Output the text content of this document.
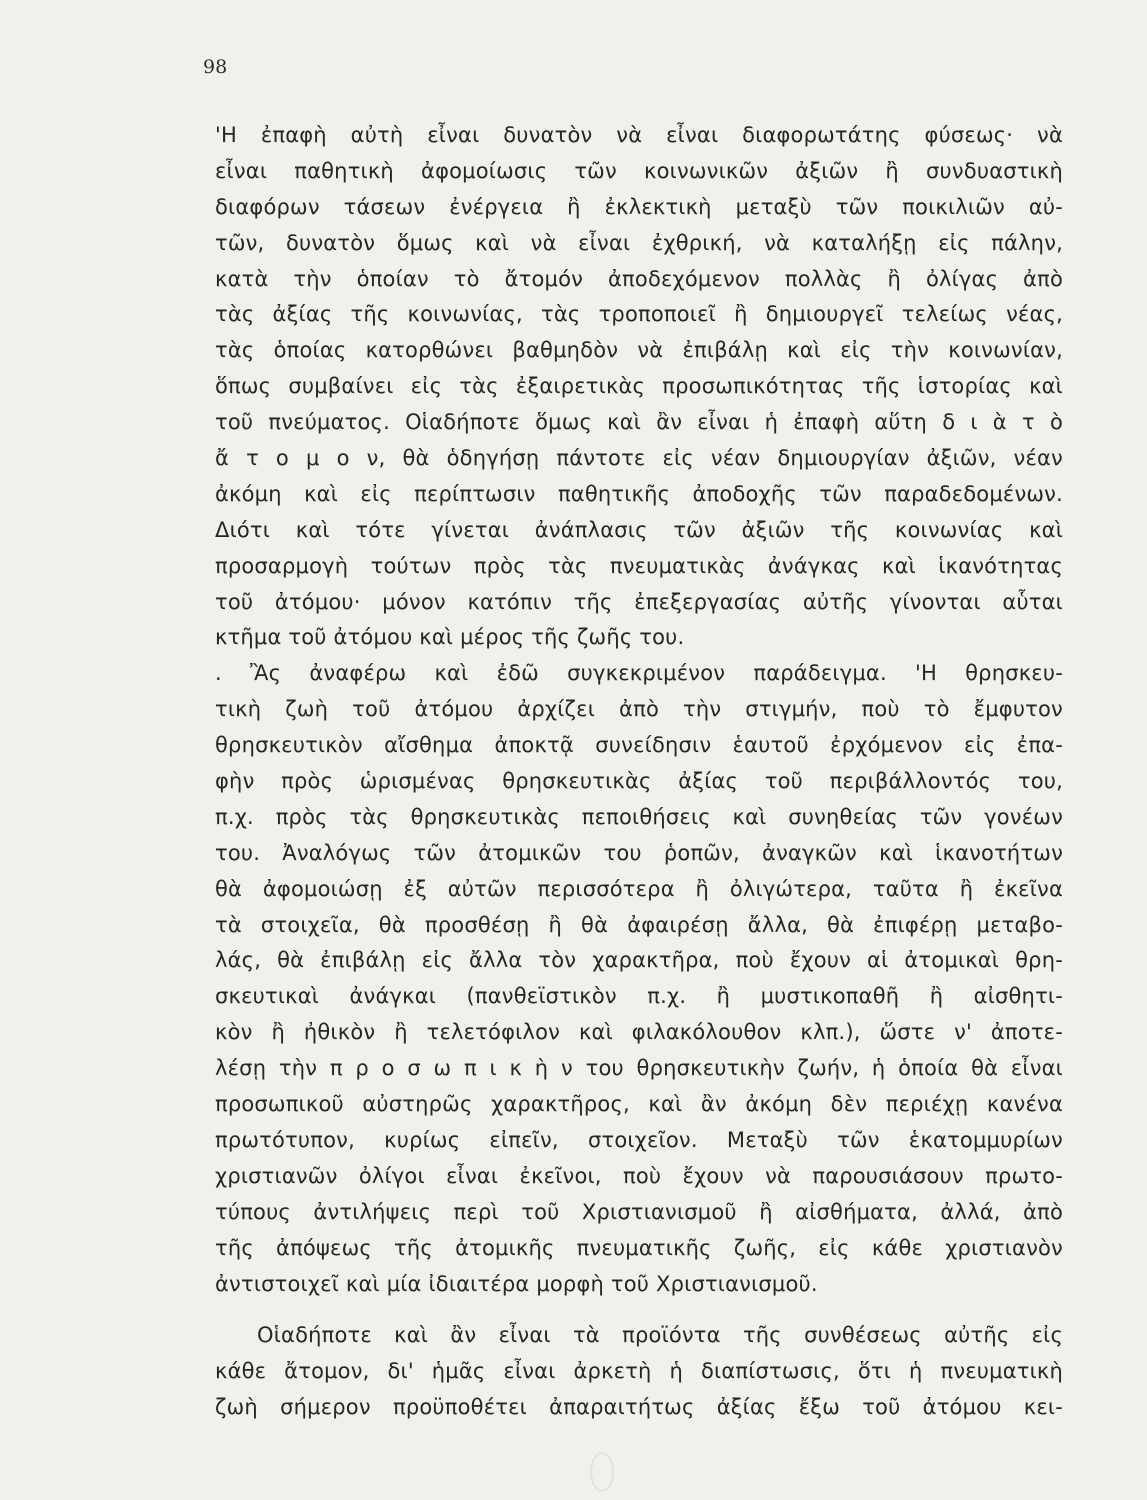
98
'Η ἐπαφὴ αὐτὴ εἶναι δυνατὸν νὰ εἶναι διαφορωτάτης φύσεως· νὰ
εἶναι παθητικὴ ἀφομοίωσις τῶν κοινωνικῶν ἀξιῶν ἢ συνδυαστικὴ
διαφόρων τάσεων ἐνέργεια ἢ ἐκλεκτικὴ μεταξὺ τῶν ποικιλιῶν αὐ-
τῶν, δυνατὸν ὅμως καὶ νὰ εἶναι ἐχθρική, νὰ καταλήξῃ εἰς πάλην,
κατὰ τὴν ὁποίαν τὸ ἄτομόν ἀποδεχόμενον πολλὰς ἢ ὀλίγας ἀπὸ
τὰς ἀξίας τῆς κοινωνίας, τὰς τροποποιεῖ ἢ δημιουργεῖ τελείως νέας,
τὰς ὁποίας κατορθώνει βαθμηδὸν νὰ ἐπιβάλῃ καὶ εἰς τὴν κοινωνίαν,
ὅπως συμβαίνει εἰς τὰς ἐξαιρετικὰς προσωπικότητας τῆς ἱστορίας καὶ
τοῦ πνεύματος. Οἱαδήποτε ὅμως καὶ ἂν εἶναι ἡ ἐπαφὴ αὕτη δ ι ὰ τ ὸ
ἄ τ ο μ ο ν, θὰ ὁδηγήσῃ πάντοτε εἰς νέαν δημιουργίαν ἀξιῶν, νέαν
ἀκόμη καὶ εἰς περίπτωσιν παθητικῆς ἀποδοχῆς τῶν παραδεδομένων.
Διότι καὶ τότε γίνεται ἀνάπλασις τῶν ἀξιῶν τῆς κοινωνίας καὶ
προσαρμογὴ τούτων πρὸς τὰς πνευματικὰς ἀνάγκας καὶ ἱκανότητας
τοῦ ἀτόμου· μόνον κατόπιν τῆς ἐπεξεργασίας αὐτῆς γίνονται αὗται
κτῆμα τοῦ ἀτόμου καὶ μέρος τῆς ζωῆς του.
. Ἂς ἀναφέρω καὶ ἐδῶ συγκεκριμένον παράδειγμα. 'Η θρησκευ-
τικὴ ζωὴ τοῦ ἀτόμου ἀρχίζει ἀπὸ τὴν στιγμήν, ποὺ τὸ ἔμφυτον
θρησκευτικὸν αἴσθημα ἀποκτᾷ συνείδησιν ἑαυτοῦ ἐρχόμενον εἰς ἐπα-
φὴν πρὸς ὡρισμένας θρησκευτικὰς ἀξίας τοῦ περιβάλλοντός του,
π.χ. πρὸς τὰς θρησκευτικὰς πεποιθήσεις καὶ συνηθείας τῶν γονέων
του. Ἀναλόγως τῶν ἀτομικῶν του ῥοπῶν, ἀναγκῶν καὶ ἱκανοτήτων
θὰ ἀφομοιώσῃ ἐξ αὐτῶν περισσότερα ἢ ὀλιγώτερα, ταῦτα ἢ ἐκεῖνα
τὰ στοιχεῖα, θὰ προσθέσῃ ἢ θὰ ἀφαιρέσῃ ἄλλα, θὰ ἐπιφέρῃ μεταβο-
λάς, θὰ ἐπιβάλῃ εἰς ἄλλα τὸν χαρακτῆρα, ποὺ ἔχουν αἱ ἀτομικαὶ θρη-
σκευτικαὶ ἀνάγκαι (πανθεϊστικὸν π.χ. ἢ μυστικοπαθῆ ἢ αἰσθητι-
κὸν ἢ ἠθικὸν ἢ τελετόφιλον καὶ φιλακόλουθον κλπ.), ὥστε ν' ἀποτε-
λέσῃ τὴν π ρ ο σ ω π ι κ ὴ ν του θρησκευτικὴν ζωήν, ἡ ὁποία θὰ εἶναι
προσωπικοῦ αὐστηρῶς χαρακτῆρος, καὶ ἂν ἀκόμη δὲν περιέχῃ κανένα
πρωτότυπον, κυρίως εἰπεῖν, στοιχεῖον. Μεταξὺ τῶν ἑκατομμυρίων
χριστιανῶν ὀλίγοι εἶναι ἐκεῖνοι, ποὺ ἔχουν νὰ παρουσιάσουν πρωτο-
τύπους ἀντιλήψεις περὶ τοῦ Χριστιανισμοῦ ἢ αἰσθήματα, ἀλλά, ἀπὸ
τῆς ἀπόψεως τῆς ἀτομικῆς πνευματικῆς ζωῆς, εἰς κάθε χριστιανὸν
ἀντιστοιχεῖ καὶ μία ἰδιαιτέρα μορφὴ τοῦ Χριστιανισμοῦ.
Οἱαδήποτε καὶ ἂν εἶναι τὰ προϊόντα τῆς συνθέσεως αὐτῆς εἰς
κάθε ἄτομον, δι' ἡμᾶς εἶναι ἀρκετὴ ἡ διαπίστωσις, ὅτι ἡ πνευματικὴ
ζωὴ σήμερον προϋποθέτει ἀπαραιτήτως ἀξίας ἔξω τοῦ ἀτόμου κει-
